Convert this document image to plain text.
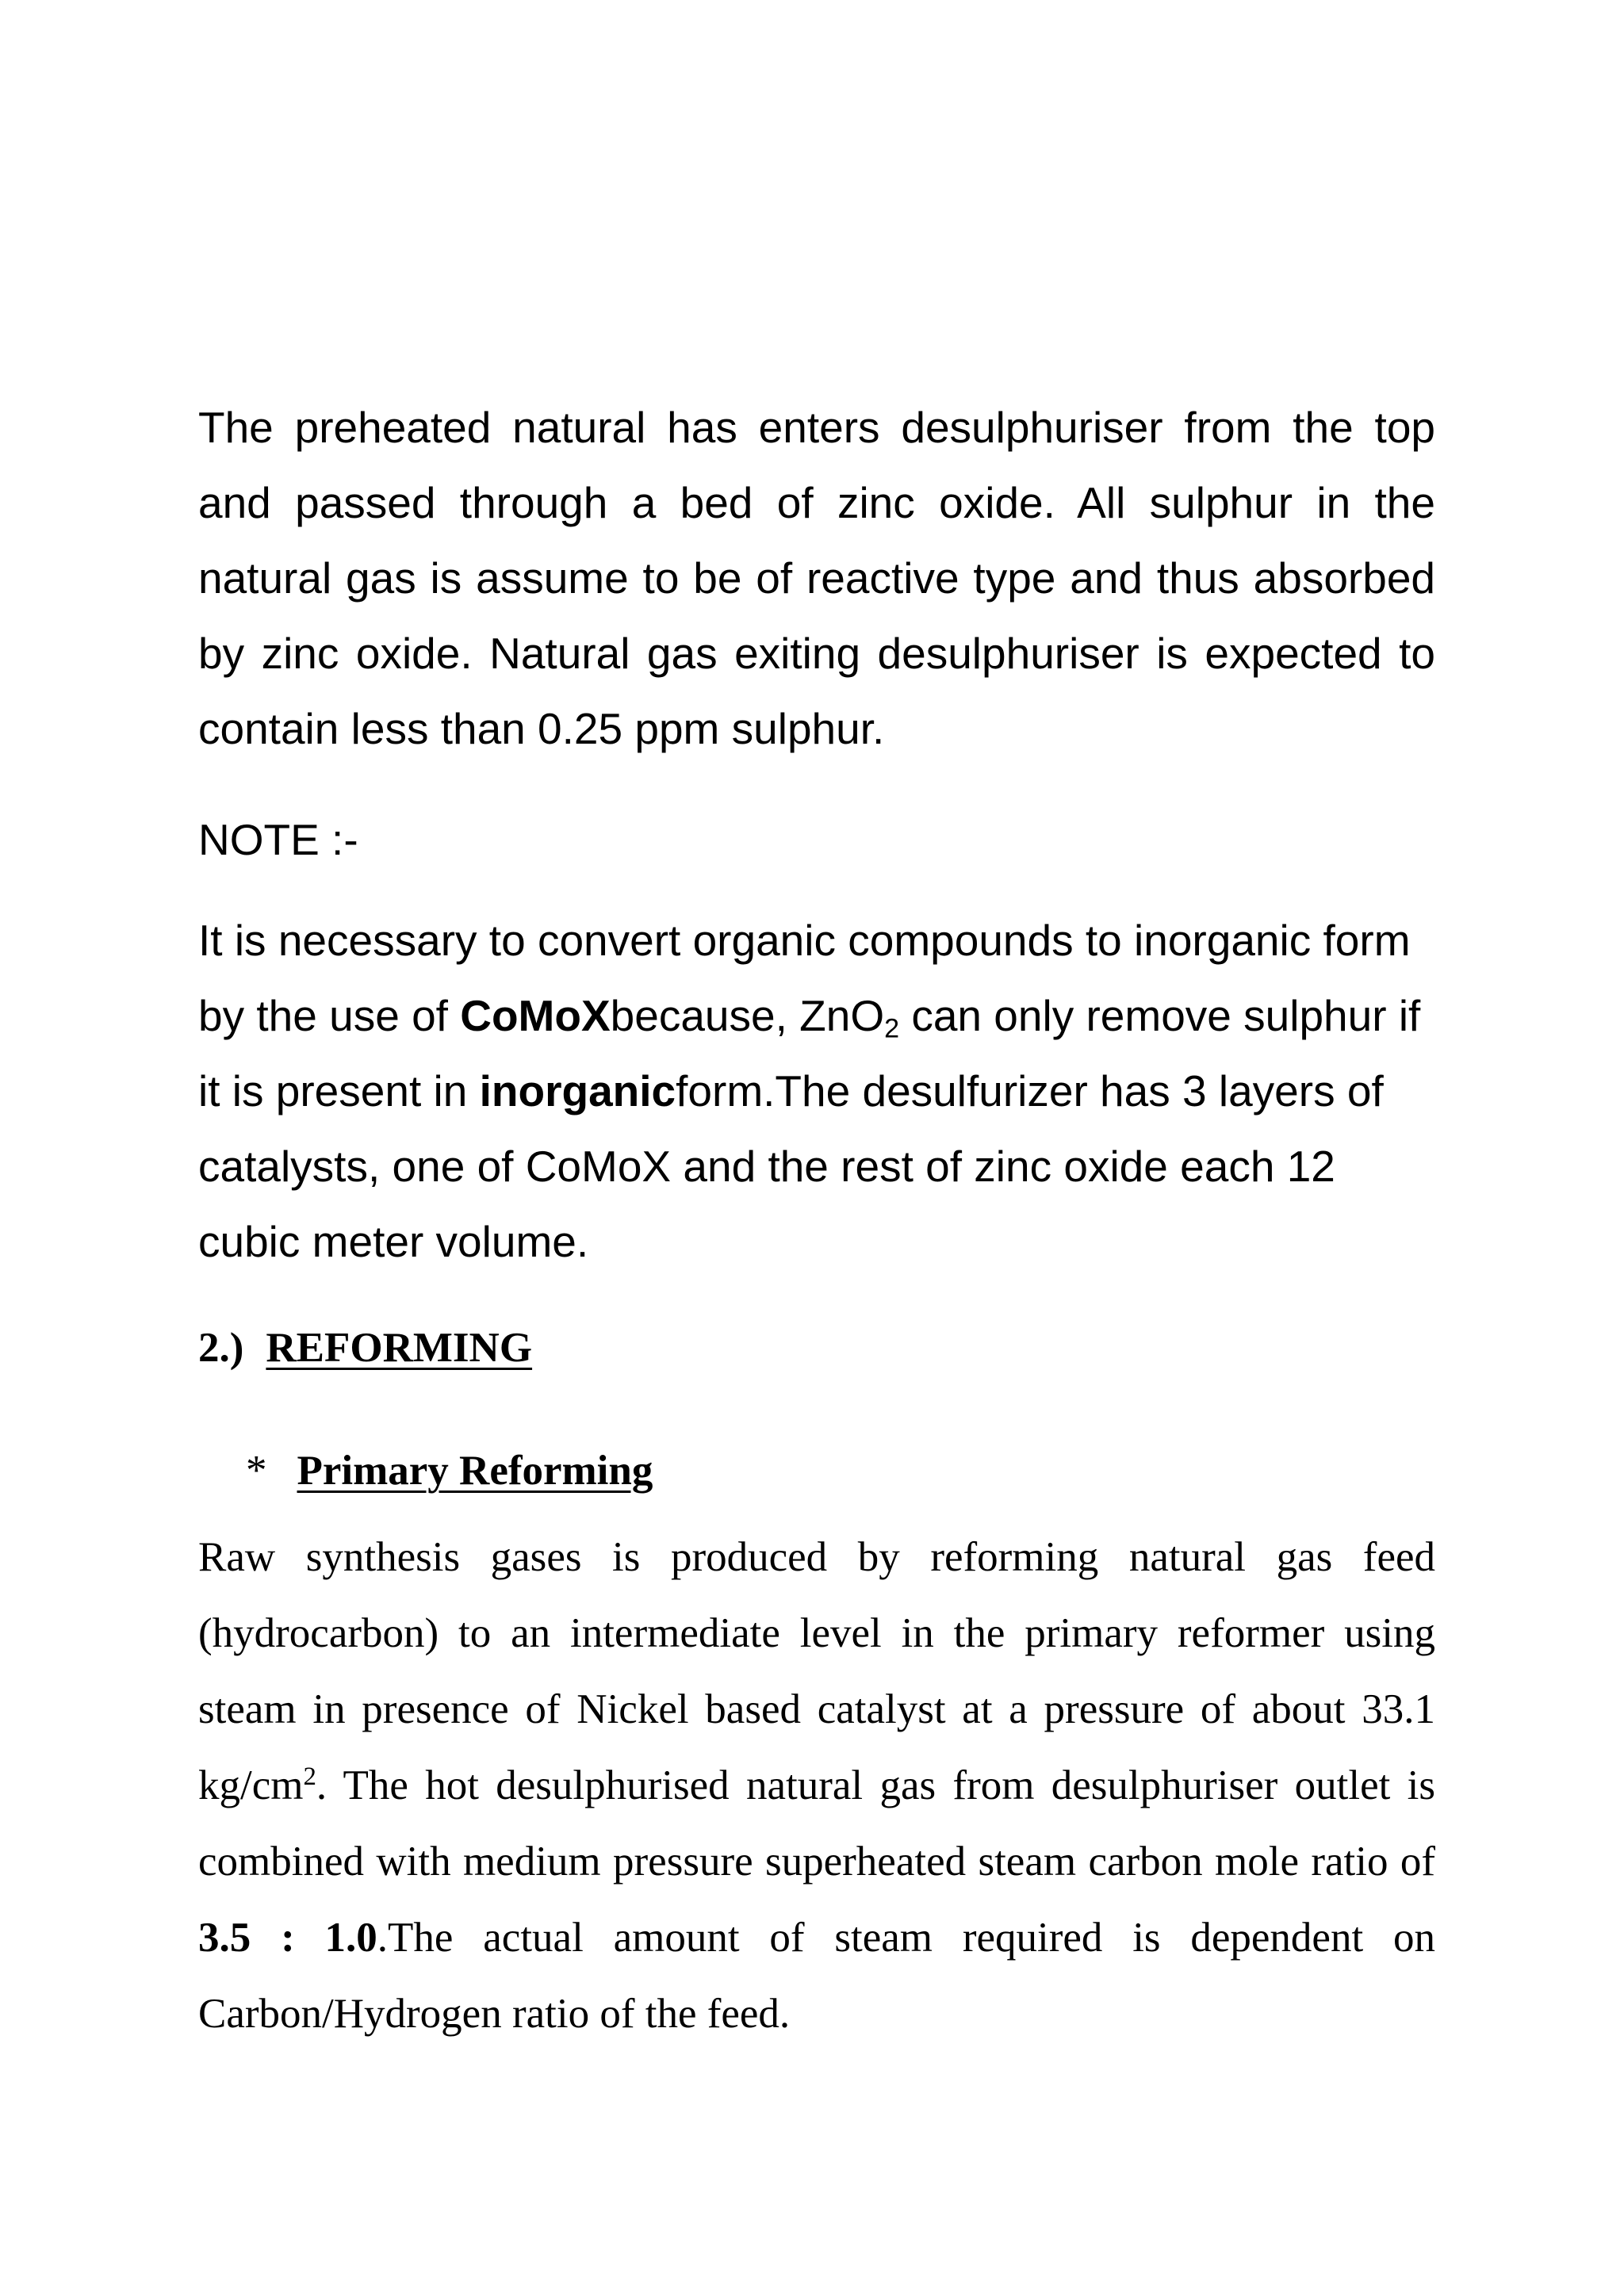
The preheated natural has enters desulphuriser from the top and passed through a bed of zinc oxide. All sulphur in the natural gas is assume to be of reactive type and thus absorbed by zinc oxide. Natural gas exiting desulphuriser is expected to contain less than 0.25 ppm sulphur.

NOTE :-

It is necessary to convert organic compounds to inorganic form by the use of CoMoXbecause, ZnO$_2$ can only remove sulphur if it is present in inorganicform.The desulfurizer has 3 layers of catalysts, one of CoMoX and the rest of zinc oxide each 12 cubic meter volume.

2.) REFORMING
* Primary Reforming

Raw synthesis gases is produced by reforming natural gas feed (hydrocarbon) to an intermediate level in the primary reformer using steam in presence of Nickel based catalyst at a pressure of about 33.1 $kg/cm^2$. The hot desulphurised natural gas from desulphuriser outlet is combined with medium pressure superheated steam carbon mole ratio of 3.5 : 1.0.The actual amount of steam required is dependent on Carbon/Hydrogen ratio of the feed.
